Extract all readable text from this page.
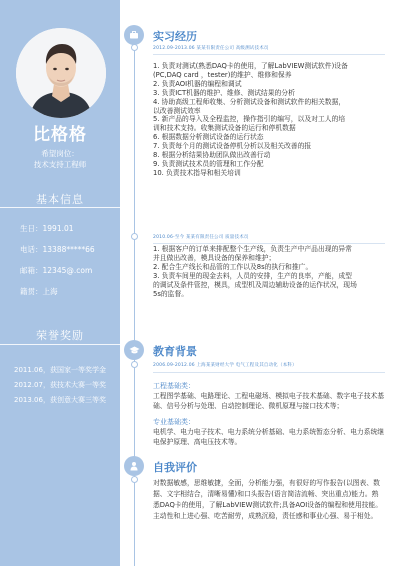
比格格
希望岗位：
技术支持工程师
基本信息
生日：1991.01
电话：13388*****66
邮箱：12345@.com
籍贯：上海
荣誉奖励
2011.06，获国家一等奖学金
2012.07，获技术大赛一等奖
2013.06，获创意大赛三等奖
实习经历
2012.09-2013.06 某某有限责任公司 高级测试技术员
1. 负责对测试(熟悉DAQ卡的使用，了解LabVIEW测试软件)设备
(PC,DAQ card ，tester)的维护、维修和保养
2. 负责AOI机器的编程和调试
3. 负责ICT机器的维护、维修、测试结果的分析
4. 协助高级工程师收集、分析测试设备和测试软件的相关数据，
以改善测试效率
5. 新产品的导入及全程监控，操作指引的编写，以及对工人的培
训和技术支持。收集测试设备的运行和停机数据
6. 根据数据分析测试设备的运行状态
7. 负责每个月的测试设备停机分析以及相关改善的报
8. 根据分析结果协助团队做出改善行动
9. 负责测试技术员的管理和工作分配
10. 负责技术指导和相关培训
2010.06-至今 某某有限责任公司 质量技术员
1. 根据客户的订单来排配整个生产线，负责生产中产品出现的异常
并且做出改善，模具设备的保养和维护；
2. 配合生产线长和品管的工作以及8s的执行和推广。
3. 负责车间里的现金去料，人员的安排，生产的良率，产能，成型
的调试及条件管控，模具，成型机及周边辅助设备的运作状况，现场
5s的监督。
教育背景
2006.09-2012.06 上海某某财经大学 电气工程及其自动化（本科）
工程基础类：
工程图学基础、电路理论、工程电磁场、模拟电子技术基础、数字电子技术基础、信号分析与处理、自动控制理论、微机原理与接口技术等；
专业基础类：
电机学、电力电子技术、电力系统分析基础、电力系统暂态分析、电力系统继电保护原理、高电压技术等。
自我评价
对数据敏感，思维敏捷，全面，分析能力强，有很好的写作报告(以图表、数据、文字相结合，清晰易懂)和口头报告(语言简洁流畅、突出重点)能力。熟悉DAQ卡的使用，了解LabVIEW测试软件;具备AOI设备的编程和使用技能。主动性和上进心强、吃苦耐劳，成熟沉稳，责任感和事业心强、易于相处。
